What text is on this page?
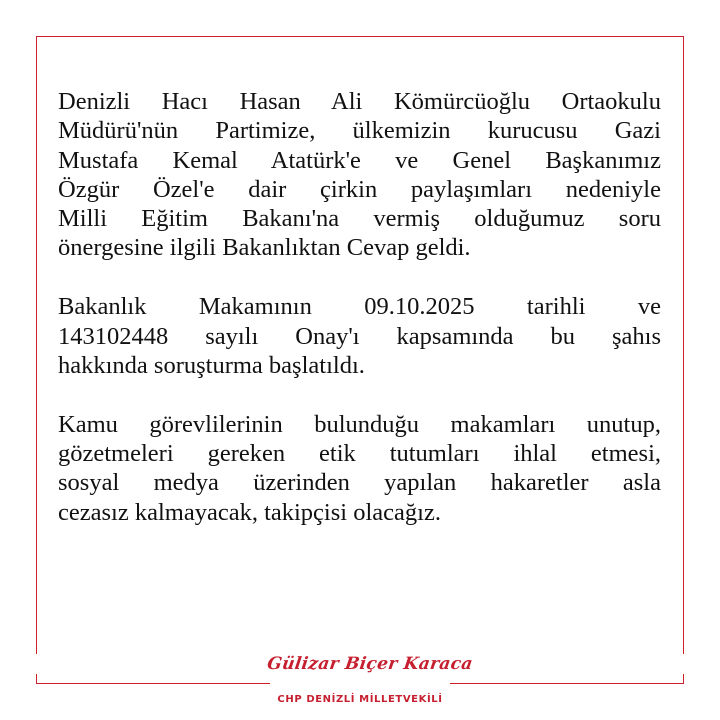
Denizli Hacı Hasan Ali Kömürcüoğlu Ortaokulu
Müdürü'nün Partimize, ülkemizin kurucusu Gazi
Mustafa Kemal Atatürk'e ve Genel Başkanımız
Özgür Özel'e dair çirkin paylaşımları nedeniyle
Milli Eğitim Bakanı'na vermiş olduğumuz soru
önergesine ilgili Bakanlıktan Cevap geldi.
Bakanlık Makamının 09.10.2025 tarihli ve
143102448 sayılı Onay'ı kapsamında bu şahıs
hakkında soruşturma başlatıldı.
Kamu görevlilerinin bulunduğu makamları unutup,
gözetmeleri gereken etik tutumları ihlal etmesi,
sosyal medya üzerinden yapılan hakaretler asla
cezasız kalmayacak, takipçisi olacağız.
Gülizar Biçer Karaca
CHP DENİZLİ MİLLETVEKİLİ
